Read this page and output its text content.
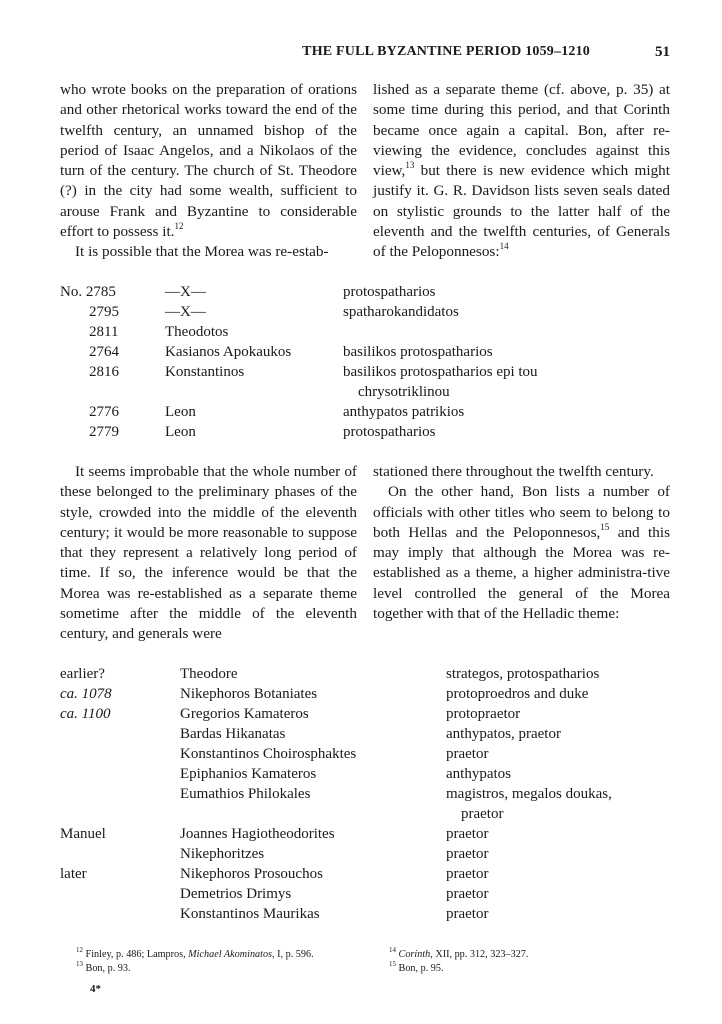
THE FULL BYZANTINE PERIOD 1059–1210	51

who wrote books on the preparation of orations and other rhetorical works toward the end of the twelfth century, an unnamed bishop of the period of Isaac Angelos, and a Nikolaos of the turn of the century. The church of St. Theodore (?) in the city had some wealth, sufficient to arouse Frank and Byzantine to considerable effort to possess it.$^{12}$

It is possible that the Morea was re-estab-

lished as a separate theme (cf. above, p. 35) at some time during this period, and that Corinth became once again a capital. Bon, after re-viewing the evidence, concludes against this view,$^{13}$ but there is new evidence which might justify it. G. R. Davidson lists seven seals dated on stylistic grounds to the latter half of the eleventh and the twelfth centuries, of Generals of the Peloponnesos:$^{14}$

No. 2785	—X—	protospatharios
2795	—X—	spatharokandidatos
2811	Theodotos
2764	Kasianos Apokaukos	basilikos protospatharios
2816	Konstantinos	basilikos protospatharios epi tou
chrysotriklinou
2776	Leon	anthypatos patrikios
2779	Leon	protospatharios

It seems improbable that the whole number of these belonged to the preliminary phases of the style, crowded into the middle of the eleventh century; it would be more reasonable to suppose that they represent a relatively long period of time. If so, the inference would be that the Morea was re-established as a separate theme sometime after the middle of the eleventh century, and generals were

stationed there throughout the twelfth century.

On the other hand, Bon lists a number of officials with other titles who seem to belong to both Hellas and the Peloponnesos,$^{15}$ and this may imply that although the Morea was re-established as a theme, a higher administra-tive level controlled the general of the Morea together with that of the Helladic theme:

earlier?	Theodore	strategos, protospatharios
ca. 1078	Nikephoros Botaniates	protoproedros and duke
ca. 1100	Gregorios Kamateros	protopraetor
Bardas Hikanatas	anthypatos, praetor
Konstantinos Choirosphaktes	praetor
Epiphanios Kamateros	anthypatos
Eumathios Philokales	magistros, megalos doukas,
praetor
Manuel	Joannes Hagiotheodorites	praetor
Nikephoritzes	praetor
later	Nikephoros Prosouchos	praetor
Demetrios Drimys	praetor
Konstantinos Maurikas	praetor
$^{12}$ Finley, p. 486; Lampros, Michael Akominatos, I, p. 596.
$^{13}$ Bon, p. 93.
$^{14}$ Corinth, XII, pp. 312, 323–327.
$^{15}$ Bon, p. 95.
4*
